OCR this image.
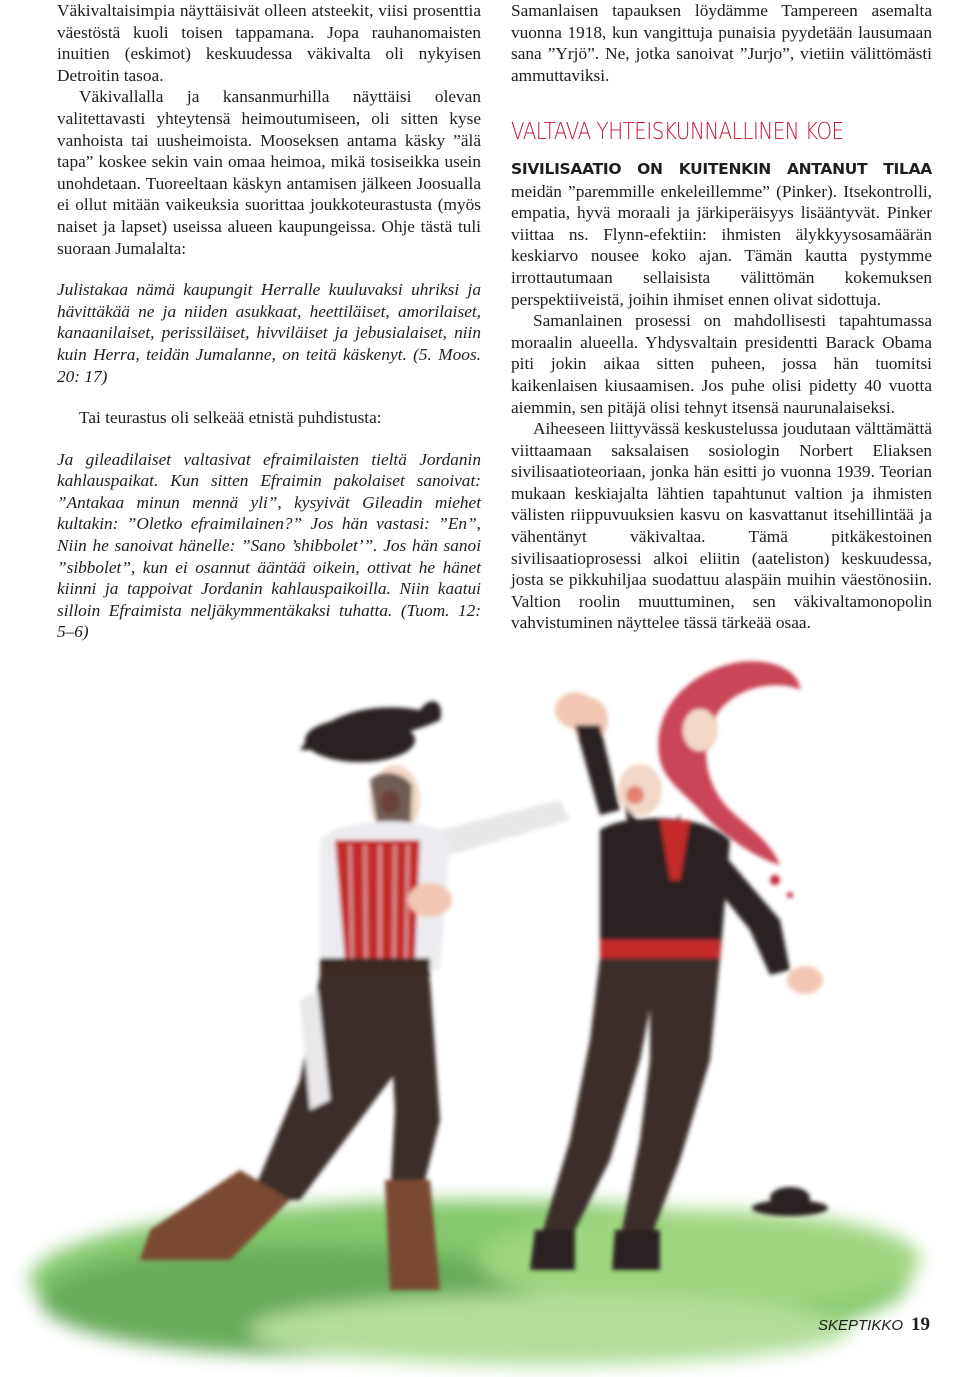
Väkivaltaisimpia näyttäisivät olleen atsteekit, viisi prosenttia väestöstä kuoli toisen tappamana. Jopa rauhanomaisten inuitien (eskimot) keskuudessa väkivalta oli nykyisen Detroitin tasoa.

Väkivallalla ja kansanmurhilla näyttäisi olevan valitettavasti yhteytensä heimoutumiseen, oli sitten kyse vanhoista tai uusheimoista. Mooseksen antama käsky ”älä tapa” koskee sekin vain omaa heimoa, mikä tosiseikka usein unohdetaan. Tuoreeltaan käskyn antamisen jälkeen Joosualla ei ollut mitään vaikeuksia suorittaa joukkoteurastusta (myös naiset ja lapset) useissa alueen kaupungeissa. Ohje tästä tuli suoraan Jumalalta:

Julistakaa nämä kaupungit Herralle kuuluvaksi uhriksi ja hävittäkää ne ja niiden asukkaat, heettiläiset, amorilaiset, kanaanilaiset, perissiläiset, hivviläiset ja jebusialaiset, niin kuin Herra, teidän Jumalanne, on teitä käskenyt. (5. Moos. 20: 17)

Tai teurastus oli selkeää etnistä puhdistusta:

Ja gileadilaiset valtasivat efraimilaisten tieltä Jordanin kahlauspaikat. Kun sitten Efraimin pakolaiset sanoivat: ”Antakaa minun mennä yli”, kysyivät Gileadin miehet kultakin: ”Oletko efraimilainen?” Jos hän vastasi: ”En”, Niin he sanoivat hänelle: ”Sano ’shibbolet’”. Jos hän sanoi ”sibbolet”, kun ei osannut ääntää oikein, ottivat he hänet kiinni ja tappoivat Jordanin kahlauspaikoilla. Niin kaatui silloin Efraimista neljäkymmentäkaksi tuhatta. (Tuom. 12: 5–6)

Samanlaisen tapauksen löydämme Tampereen asemalta vuonna 1918, kun vangittuja punaisia pyydetään lausumaan sana ”Yrjö”. Ne, jotka sanoivat ”Jurjo”, vietiin välittömästi ammuttaviksi.

VALTAVA YHTEISKUNNALLINEN KOE

SIVILISAATIO ON KUITENKIN ANTANUT TILAA meidän ”paremmille enkeleillemme” (Pinker). Itsekontrolli, empatia, hyvä moraali ja järkiperäisyys lisääntyvät. Pinker viittaa ns. Flynn-efektiin: ihmisten älykkyysosamäärän keskiarvo nousee koko ajan. Tämän kautta pystymme irrottautumaan sellaisista välittömän kokemuksen perspektiiveistä, joihin ihmiset ennen olivat sidottuja.

Samanlainen prosessi on mahdollisesti tapahtumassa moraalin alueella. Yhdysvaltain presidentti Barack Obama piti jokin aikaa sitten puheen, jossa hän tuomitsi kaikenlaisen kiusaamisen. Jos puhe olisi pidetty 40 vuotta aiemmin, sen pitäjä olisi tehnyt itsensä naurunalaiseksi.

Aiheeseen liittyvässä keskustelussa joudutaan välttämättä viittaamaan saksalaisen sosiologin Norbert Eliaksen sivilisaatioteoriaan, jonka hän esitti jo vuonna 1939. Teorian mukaan keskiajalta lähtien tapahtunut valtion ja ihmisten välisten riippuvuuksien kasvu on kasvattanut itsehillintää ja vähentänyt väkivaltaa. Tämä pitkäkestoinen sivilisaatioprosessi alkoi eliitin (aateliston) keskuudessa, josta se pikkuhiljaa suodattuu alaspäin muihin väestönosiin. Valtion roolin muuttuminen, sen väkivaltamonopolin vahvistuminen näyttelee tässä tärkeää osaa.

SKEPTIKKO 19
